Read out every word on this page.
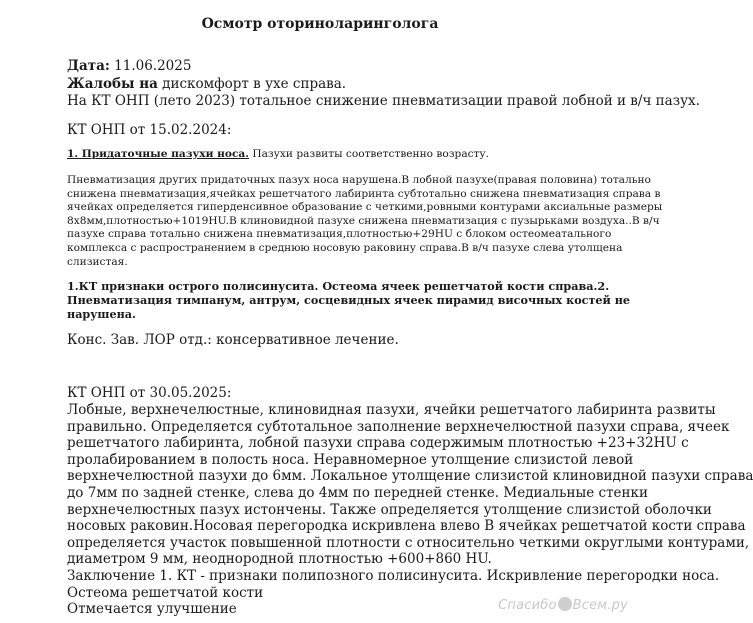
Осмотр оториноларинголога
Дата: 11.06.2025
Жалобы на дискомфорт в ухе справа.
На КТ ОНП (лето 2023) тотальное снижение пневматизации правой лобной и в/ч пазух.
КТ ОНП от 15.02.2024:
1. Придаточные пазухи носа. Пазухи развиты соответственно возрасту.
Пневматизация других придаточных пазух носа нарушена.В лобной пазухе(правая половина) тотально
снижена пневматизация,ячейках решетчатого лабиринта субтотально снижена пневматизация справа в
ячейках определяется гиперденсивное образование с четкими,ровными контурами аксиальные размеры
8х8мм,плотностью+1019HU.В клиновидной пазухе снижена пневматизация с пузырьками воздуха..В в/ч
пазухе справа тотально снижена пневматизация,плотностью+29HU с блоком остеомеатального
комплекса с распространением в среднюю носовую раковину справа.В в/ч пазухе слева утолщена
слизистая.
1.КТ признаки острого полисинусита. Остеома ячеек решетчатой кости справа.2.
Пневматизация тимпанум, антрум, сосцевидных ячеек пирамид височных костей не
нарушена.
Конс. Зав. ЛОР отд.: консервативное лечение.
КТ ОНП от 30.05.2025:
Лобные, верхнечелюстные, клиновидная пазухи, ячейки решетчатого лабиринта развиты
правильно. Определяется субтотальное заполнение верхнечелюстной пазухи справа, ячеек
решетчатого лабиринта, лобной пазухи справа содержимым плотностью +23+32HU с
пролабированием в полость носа. Неравномерное утолщение слизистой левой
верхнечелюстной пазухи до 6мм. Локальное утолщение слизистой клиновидной пазухи справа
до 7мм по задней стенке, слева до 4мм по передней стенке. Медиальные стенки
верхнечелюстных пазух истончены. Также определяется утолщение слизистой оболочки
носовых раковин.Носовая перегородка искривлена влево В ячейках решетчатой кости справа
определяется участок повышенной плотности с относительно четкими округлыми контурами,
диаметром 9 мм, неоднородной плотностью +600+860 HU.
Заключение 1. КТ - признаки полипозного полисинусита. Искривление перегородки носа.
Остеома решетчатой кости
Отмечается улучшение	Спасибо Всем.ру
